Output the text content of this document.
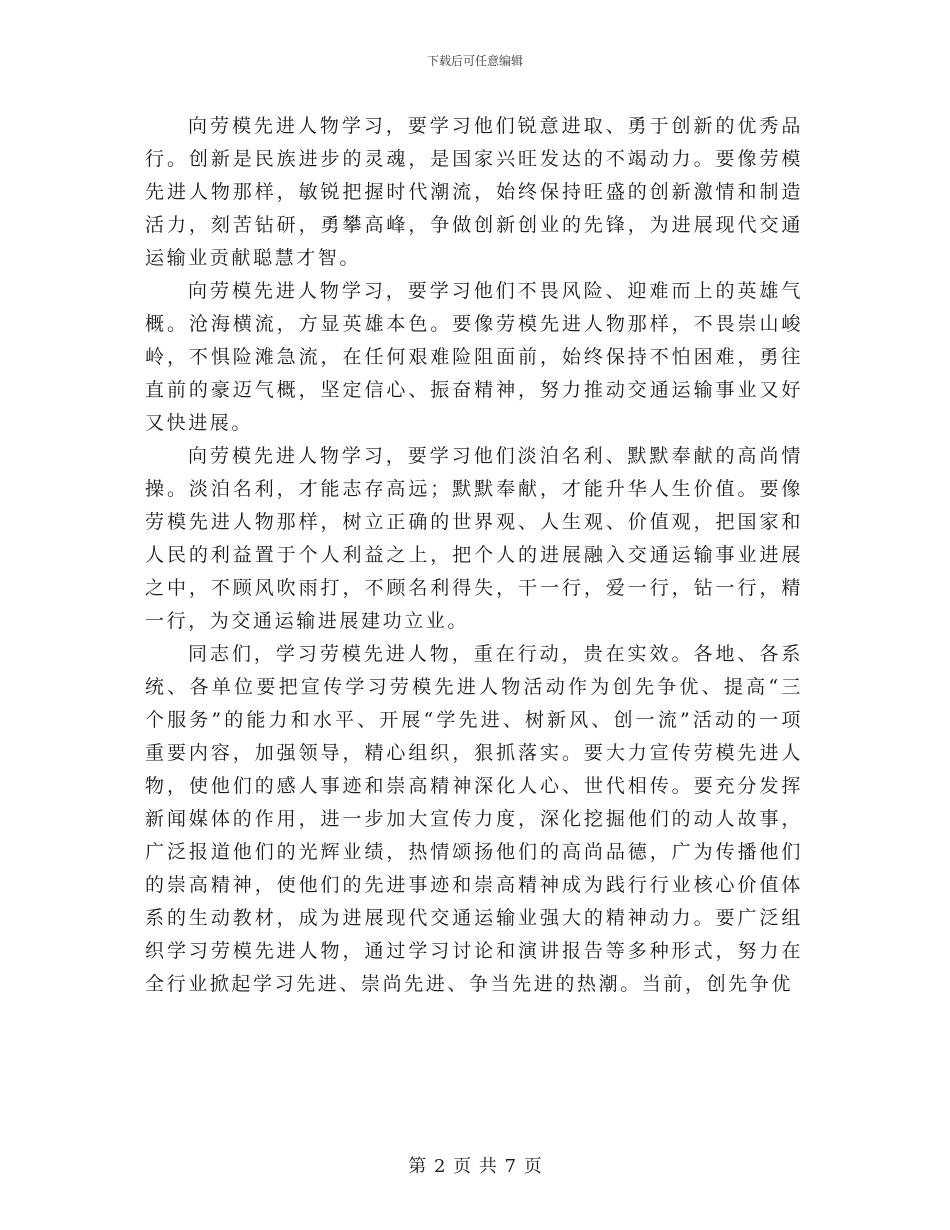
下载后可任意编辑

向劳模先进人物学习，要学习他们锐意进取、勇于创新的优秀品行。创新是民族进步的灵魂，是国家兴旺发达的不竭动力。要像劳模先进人物那样，敏锐把握时代潮流，始终保持旺盛的创新激情和制造活力，刻苦钻研，勇攀高峰，争做创新创业的先锋，为进展现代交通运输业贡献聪慧才智。

向劳模先进人物学习，要学习他们不畏风险、迎难而上的英雄气概。沧海横流，方显英雄本色。要像劳模先进人物那样，不畏崇山峻岭，不惧险滩急流，在任何艰难险阻面前，始终保持不怕困难，勇往直前的豪迈气概，坚定信心、振奋精神，努力推动交通运输事业又好又快进展。

向劳模先进人物学习，要学习他们淡泊名利、默默奉献的高尚情操。淡泊名利，才能志存高远；默默奉献，才能升华人生价值。要像劳模先进人物那样，树立正确的世界观、人生观、价值观，把国家和人民的利益置于个人利益之上，把个人的进展融入交通运输事业进展之中，不顾风吹雨打，不顾名利得失，干一行，爱一行，钻一行，精一行，为交通运输进展建功立业。

同志们，学习劳模先进人物，重在行动，贵在实效。各地、各系统、各单位要把宣传学习劳模先进人物活动作为创先争优、提高“三个服务”的能力和水平、开展“学先进、树新风、创一流”活动的一项重要内容，加强领导，精心组织，狠抓落实。要大力宣传劳模先进人物，使他们的感人事迹和崇高精神深化人心、世代相传。要充分发挥新闻媒体的作用，进一步加大宣传力度，深化挖掘他们的动人故事，广泛报道他们的光辉业绩，热情颂扬他们的高尚品德，广为传播他们的崇高精神，使他们的先进事迹和崇高精神成为践行行业核心价值体系的生动教材，成为进展现代交通运输业强大的精神动力。要广泛组织学习劳模先进人物，通过学习讨论和演讲报告等多种形式，努力在全行业掀起学习先进、崇尚先进、争当先进的热潮。当前，创先争优

第 2 页 共 7 页
